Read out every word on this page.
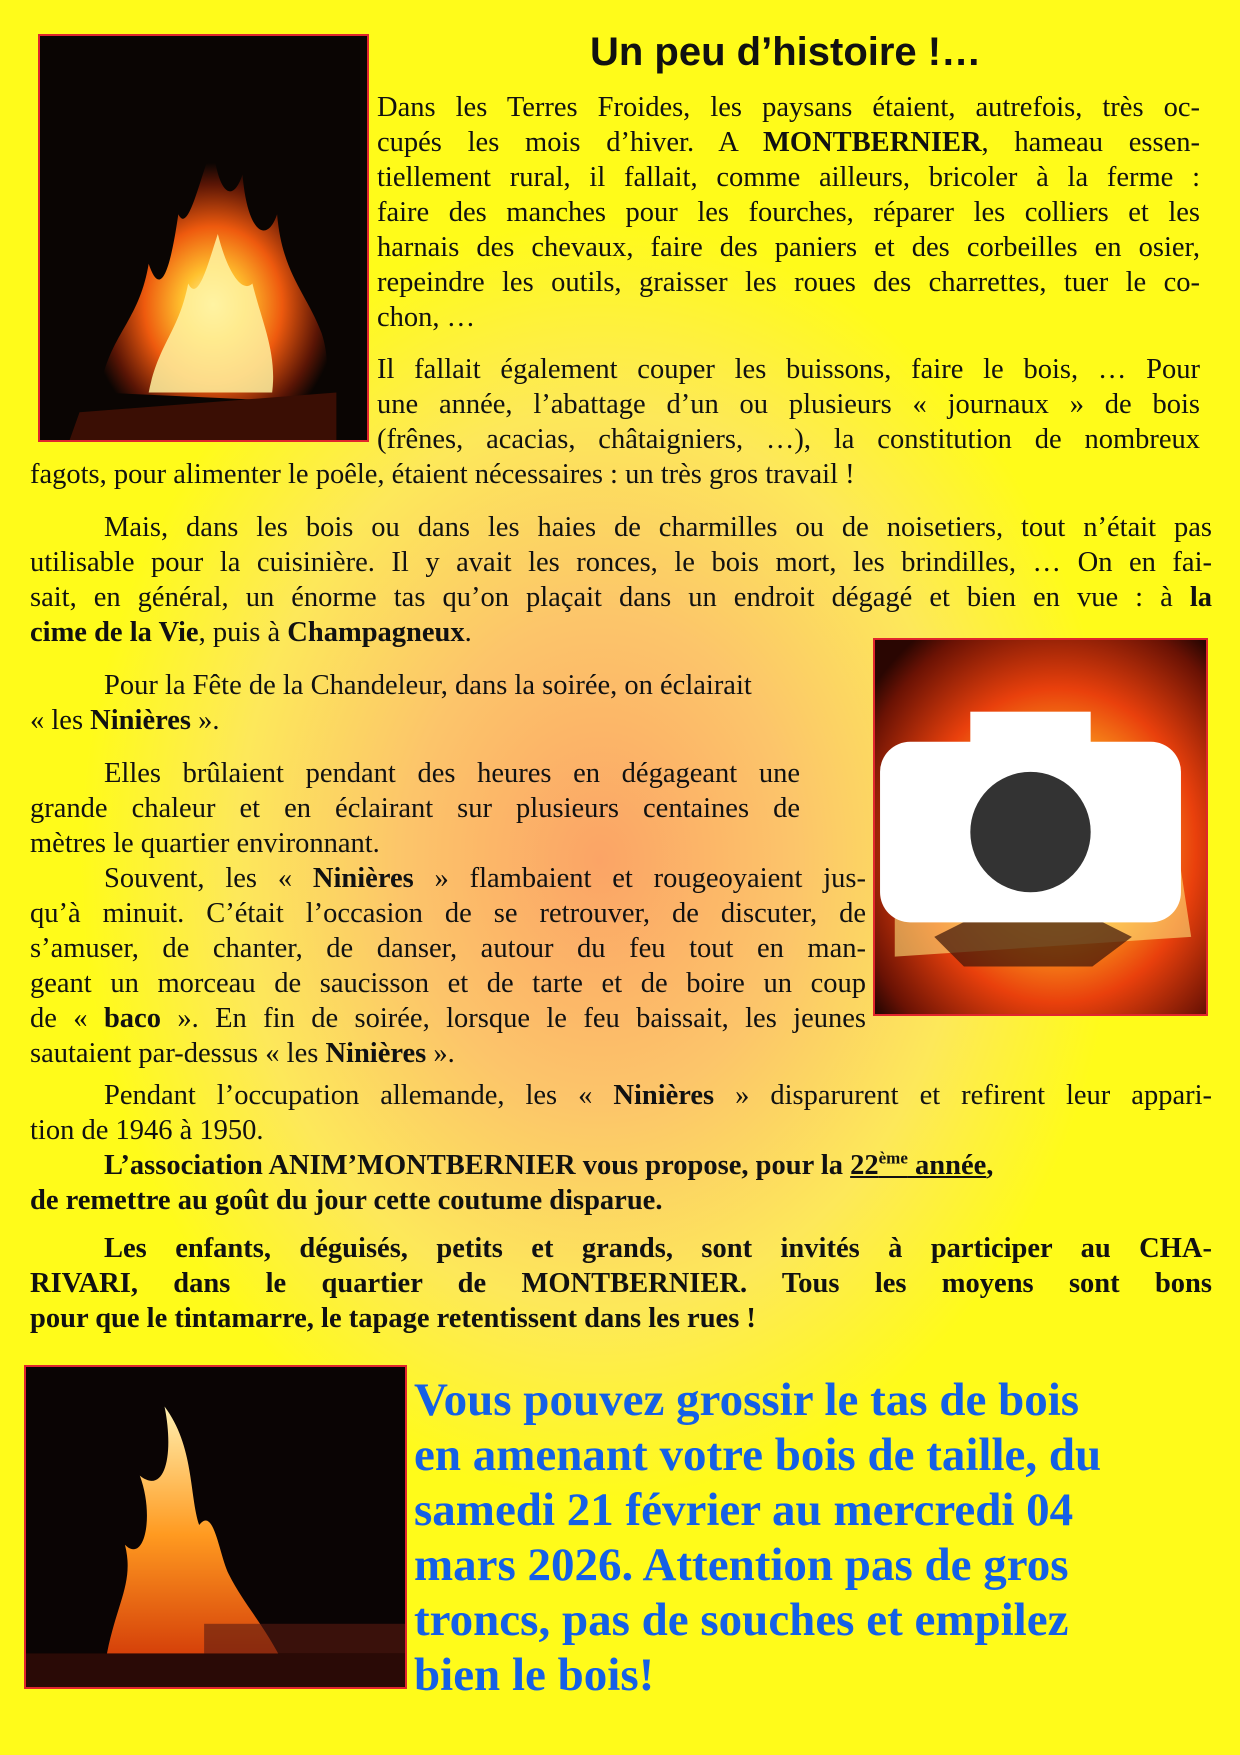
Un peu d’histoire !…
Dans les Terres Froides, les paysans étaient, autrefois, très oc-
cupés les mois d’hiver. A MONTBERNIER, hameau essen-
tiellement rural, il fallait, comme ailleurs, bricoler à la ferme :
faire des manches pour les fourches, réparer les colliers et les
harnais des chevaux, faire des paniers et des corbeilles en osier,
repeindre les outils, graisser les roues des charrettes, tuer le co-
chon, …
Il fallait également couper les buissons, faire le bois, … Pour
une année, l’abattage d’un ou plusieurs « journaux » de bois
(frênes, acacias, châtaigniers, …), la constitution de nombreux
fagots, pour alimenter le poêle, étaient nécessaires : un très gros travail !
Mais, dans les bois ou dans les haies de charmilles ou de noisetiers, tout n’était pas
utilisable pour la cuisinière. Il y avait les ronces, le bois mort, les brindilles, … On en fai-
sait, en général, un énorme tas qu’on plaçait dans un endroit dégagé et bien en vue : à la
cime de la Vie, puis à Champagneux.
Pour la Fête de la Chandeleur, dans la soirée, on éclairait
« les Ninières ».
Elles brûlaient pendant des heures en dégageant une
grande chaleur et en éclairant sur plusieurs centaines de
mètres le quartier environnant.
Souvent, les « Ninières » flambaient et rougeoyaient jus-
qu’à minuit. C’était l’occasion de se retrouver, de discuter, de
s’amuser, de chanter, de danser, autour du feu tout en man-
geant un morceau de saucisson et de tarte et de boire un coup
de « baco ». En fin de soirée, lorsque le feu baissait, les jeunes
sautaient par-dessus « les Ninières ».
Pendant l’occupation allemande, les « Ninières » disparurent et refirent leur appari-
tion de 1946 à 1950.
L’association ANIM’MONTBERNIER vous propose, pour la 22ème année,
de remettre au goût du jour cette coutume disparue.
Les enfants, déguisés, petits et grands, sont invités à participer au CHA-
RIVARI, dans le quartier de MONTBERNIER. Tous les moyens sont bons
pour que le tintamarre, le tapage retentissent dans les rues !
Vous pouvez grossir le tas de bois
en amenant votre bois de taille, du
samedi 21 février au mercredi 04
mars 2026. Attention pas de gros
troncs, pas de souches et empilez
bien le bois!
